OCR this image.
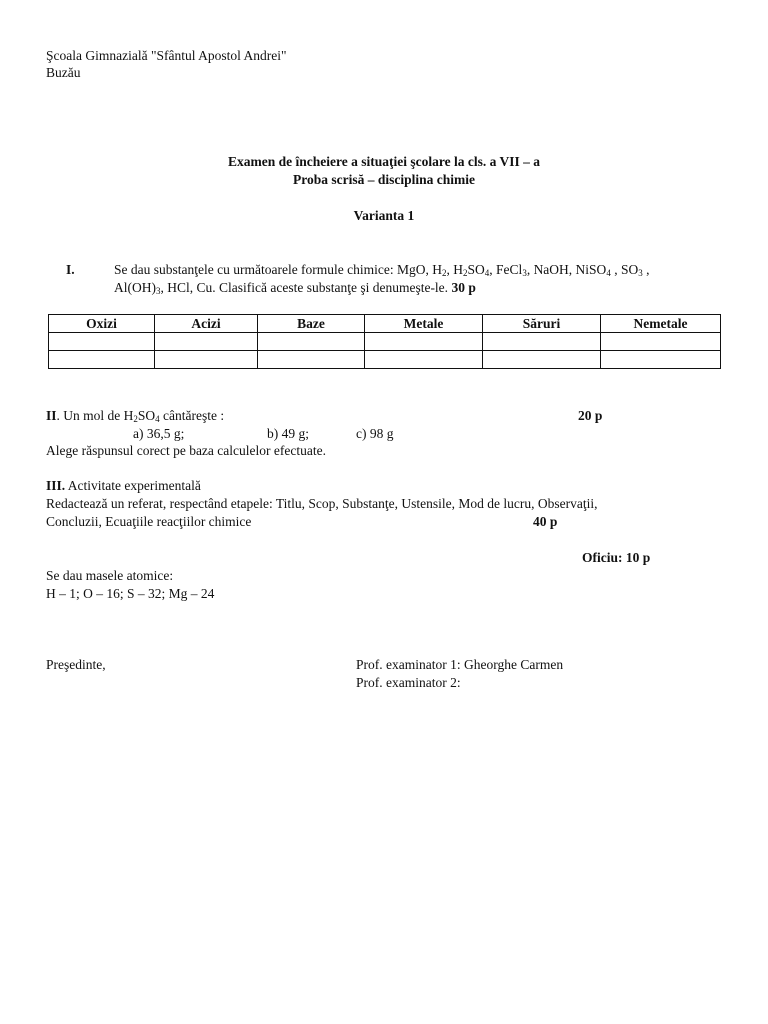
Şcoala Gimnazială "Sfântul Apostol Andrei"
Buzău
Examen de încheiere a situaţiei şcolare la cls. a VII – a
Proba scrisă – disciplina chimie
Varianta 1
I.	Se dau substanţele cu următoarele formule chimice: MgO, $H_2$, $H_2SO_4$, FeCl$_3$, NaOH, NiSO$_4$ , $SO_3$ ,
$Al(OH)_3$, HCl, Cu. Clasifică aceste substanţe şi denumeşte-le. 30 p
Oxizi	Acizi	Baze	Metale	Săruri	Nemetale

II. Un mol de $H_2SO_4$ cântăreşte :	20 p
a) 36,5 g;	b) 49 g;	c) 98 g
Alege răspunsul corect pe baza calculelor efectuate.
III. Activitate experimentală
Redactează un referat, respectând etapele: Titlu, Scop, Substanţe, Ustensile, Mod de lucru, Observaţii,
Concluzii, Ecuaţiile reacţiilor chimice	40 p
Oficiu: 10 p
Se dau masele atomice:
H – 1; O – 16; S – 32; Mg – 24
Preşedinte,	Prof. examinator 1: Gheorghe Carmen
Prof. examinator 2:
